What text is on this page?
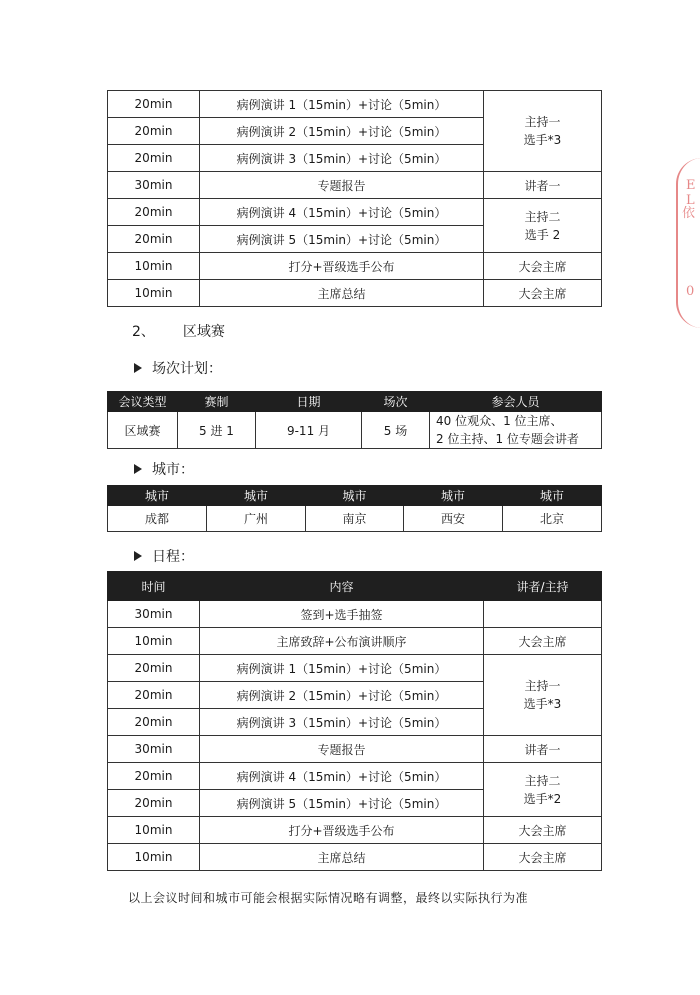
20min	病例演讲 1（15min）+讨论（5min）	主持一
选手*3

20min	病例演讲 2（15min）+讨论（5min）	
20min	病例演讲 3（15min）+讨论（5min）	
30min	专题报告	讲者一
20min	病例演讲 4（15min）+讨论（5min）	主持二
选手 2

20min	病例演讲 5（15min）+讨论（5min）	
10min	打分+晋级选手公布	大会主席
10min	主席总结	大会主席
2、 区域赛
场次计划：
会议类型	赛制	日期	场次	参会人员
区域赛	5 进 1	9-11 月	5 场	40 位观众、1 位主席、
2 位主持、1 位专题会讲者
城市：
城市	城市	城市	城市	城市
成都	广州	南京	西安	北京
日程：
时间	内容	讲者/主持
30min	签到+选手抽签	
10min	主席致辞+公布演讲顺序	大会主席
20min	病例演讲 1（15min）+讨论（5min）	主持一
选手*3

20min	病例演讲 2（15min）+讨论（5min）	
20min	病例演讲 3（15min）+讨论（5min）	
30min	专题报告	讲者一
20min	病例演讲 4（15min）+讨论（5min）	主持二
选手*2

20min	病例演讲 5（15min）+讨论（5min）	
10min	打分+晋级选手公布	大会主席
10min	主席总结	大会主席
以上会议时间和城市可能会根据实际情况略有调整，最终以实际执行为准
E L
依
0
